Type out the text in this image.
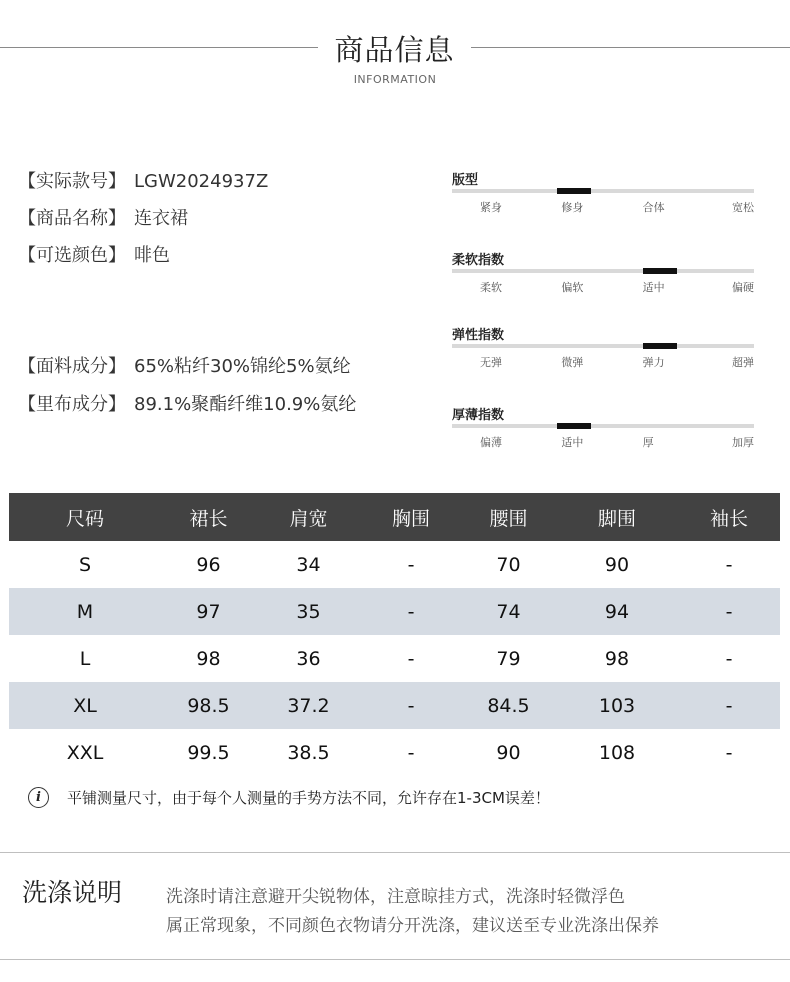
商品信息
INFORMATION
【实际款号】 LGW2024937Z
【商品名称】 连衣裙
【可选颜色】 啡色
【面料成分】 65%粘纤30%锦纶5%氨纶
【里布成分】 89.1%聚酯纤维10.9%氨纶
版型
紧身	修身	合体	宽松
柔软指数
柔软	偏软	适中	偏硬
弹性指数
无弹	微弹	弹力	超弹
厚薄指数
偏薄	适中	厚	加厚
尺码	裙长	肩宽	胸围	腰围	脚围	袖长
S	96	34	-	70	90	-
M	97	35	-	74	94	-
L	98	36	-	79	98	-
XL	98.5	37.2	-	84.5	103	-
XXL	99.5	38.5	-	90	108	-
i	平铺测量尺寸，由于每个人测量的手势方法不同，允许存在1-3CM误差！
洗涤说明	洗涤时请注意避开尖锐物体，注意晾挂方式，洗涤时轻微浮色
属正常现象，不同颜色衣物请分开洗涤，建议送至专业洗涤出保养
